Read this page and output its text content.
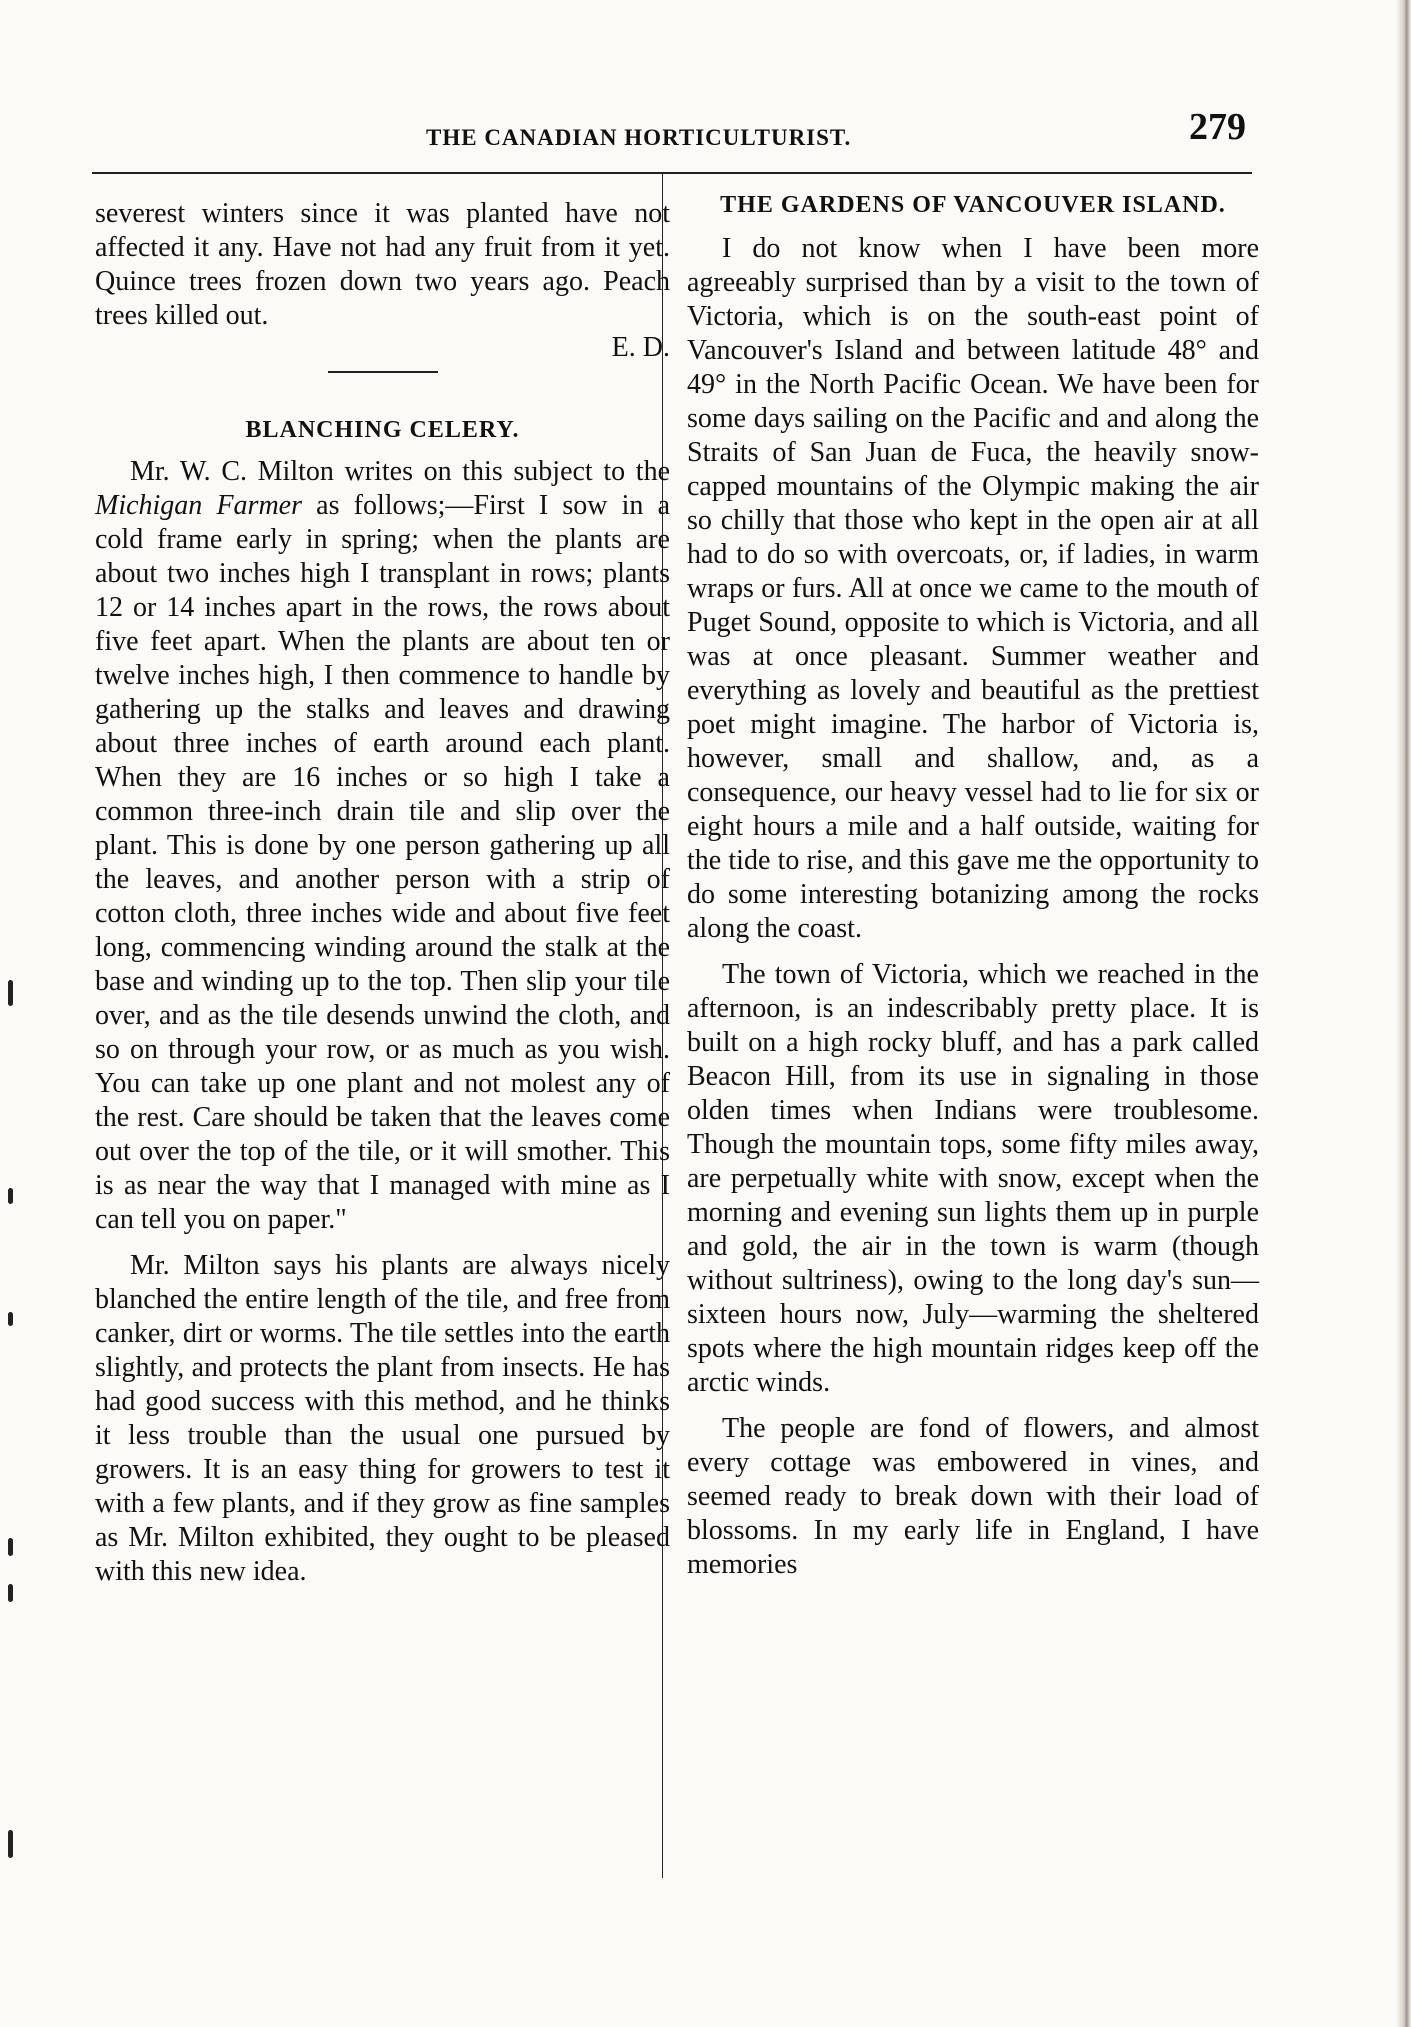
THE CANADIAN HORTICULTURIST.	279

severest winters since it was planted have not affected it any. Have not had any fruit from it yet. Quince trees frozen down two years ago. Peach trees killed out.

E. D.

BLANCHING CELERY.

Mr. W. C. Milton writes on this subject to the Michigan Farmer as follows;—First I sow in a cold frame early in spring; when the plants are about two inches high I transplant in rows; plants 12 or 14 inches apart in the rows, the rows about five feet apart. When the plants are about ten or twelve inches high, I then commence to handle by gathering up the stalks and leaves and drawing about three inches of earth around each plant. When they are 16 inches or so high I take a common three-inch drain tile and slip over the plant. This is done by one person gathering up all the leaves, and another person with a strip of cotton cloth, three inches wide and about five feet long, commencing winding around the stalk at the base and winding up to the top. Then slip your tile over, and as the tile desends unwind the cloth, and so on through your row, or as much as you wish. You can take up one plant and not molest any of the rest. Care should be taken that the leaves come out over the top of the tile, or it will smother. This is as near the way that I managed with mine as I can tell you on paper."

Mr. Milton says his plants are always nicely blanched the entire length of the tile, and free from canker, dirt or worms. The tile settles into the earth slightly, and protects the plant from insects. He has had good success with this method, and he thinks it less trouble than the usual one pursued by growers. It is an easy thing for growers to test it with a few plants, and if they grow as fine samples as Mr. Milton exhibited, they ought to be pleased with this new idea.

THE GARDENS OF VANCOUVER ISLAND.

I do not know when I have been more agreeably surprised than by a visit to the town of Victoria, which is on the south-east point of Vancouver's Island and between latitude 48° and 49° in the North Pacific Ocean. We have been for some days sailing on the Pacific and and along the Straits of San Juan de Fuca, the heavily snow-capped mountains of the Olympic making the air so chilly that those who kept in the open air at all had to do so with overcoats, or, if ladies, in warm wraps or furs. All at once we came to the mouth of Puget Sound, opposite to which is Victoria, and all was at once pleasant. Summer weather and everything as lovely and beautiful as the prettiest poet might imagine. The harbor of Victoria is, however, small and shallow, and, as a consequence, our heavy vessel had to lie for six or eight hours a mile and a half outside, waiting for the tide to rise, and this gave me the opportunity to do some interesting botanizing among the rocks along the coast.

The town of Victoria, which we reached in the afternoon, is an indescribably pretty place. It is built on a high rocky bluff, and has a park called Beacon Hill, from its use in signaling in those olden times when Indians were troublesome. Though the mountain tops, some fifty miles away, are perpetually white with snow, except when the morning and evening sun lights them up in purple and gold, the air in the town is warm (though without sultriness), owing to the long day's sun—sixteen hours now, July—warming the sheltered spots where the high mountain ridges keep off the arctic winds.

The people are fond of flowers, and almost every cottage was embowered in vines, and seemed ready to break down with their load of blossoms. In my early life in England, I have memories
